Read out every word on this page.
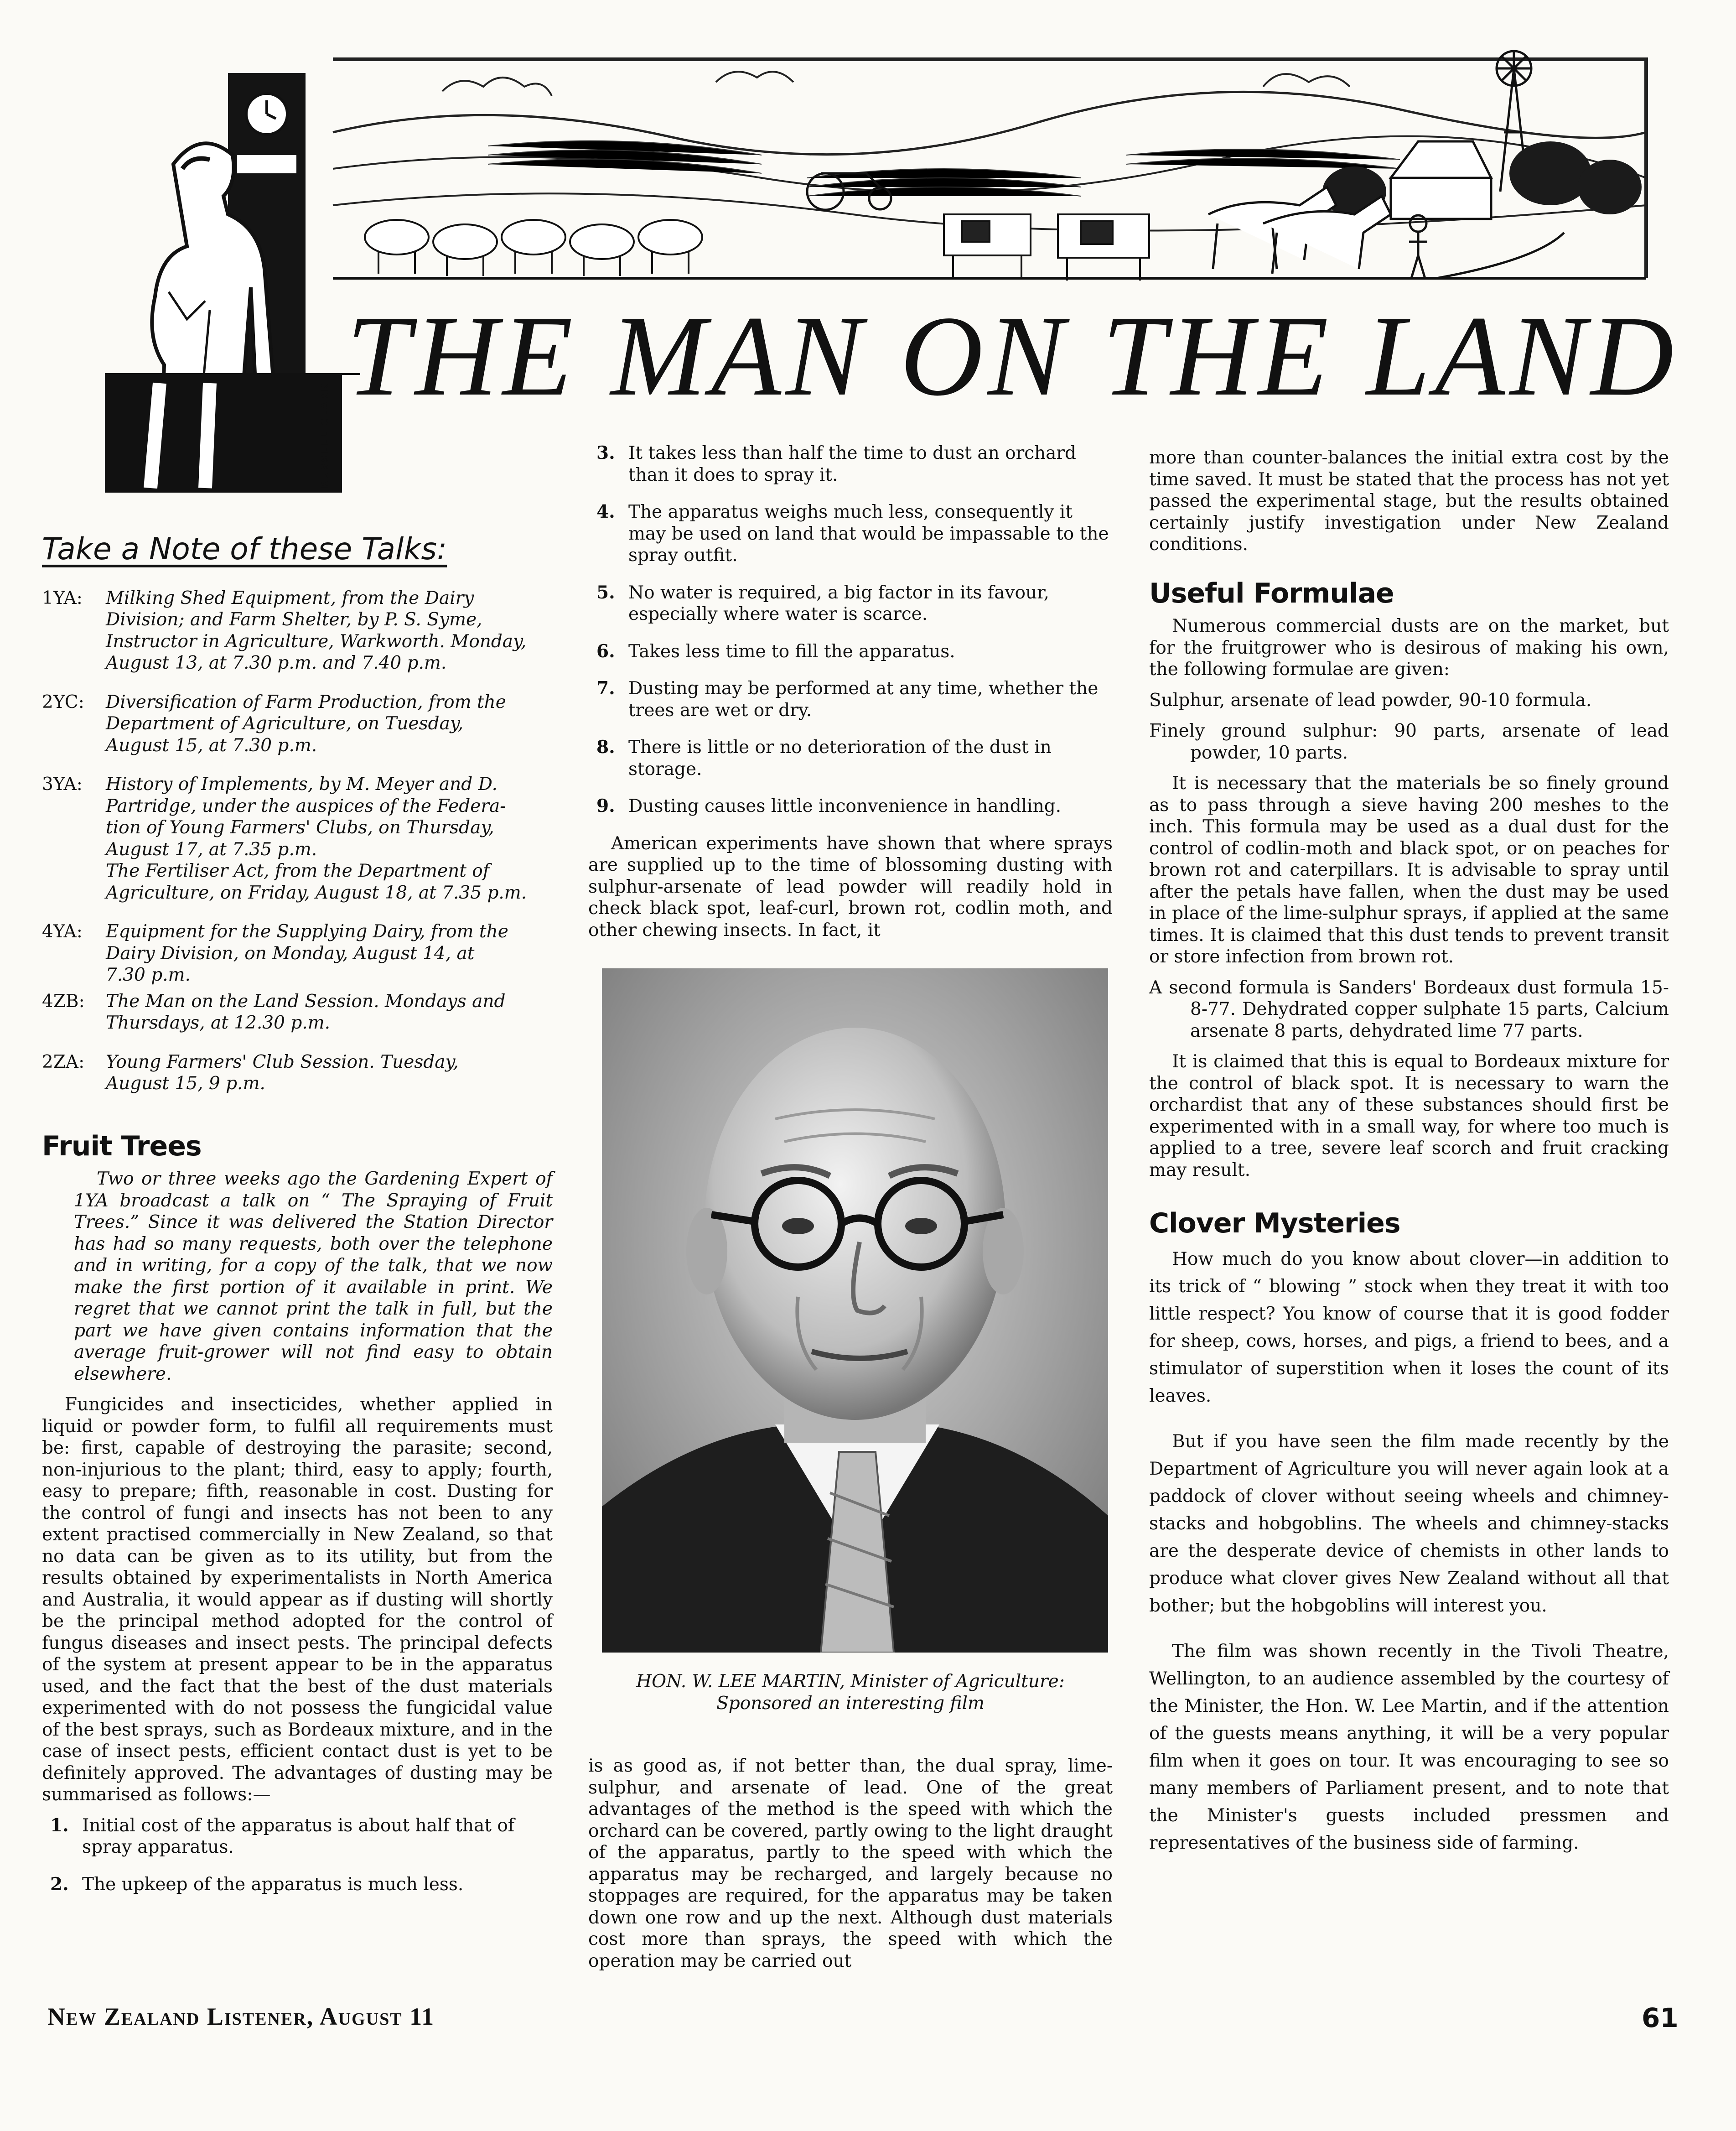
RUSSELL CLARK
THE MAN ON THE LAND
Take a Note of these Talks:
1YA:	Milking Shed Equipment, from the Dairy
Division; and Farm Shelter, by P. S. Syme,
Instructor in Agriculture, Warkworth. Monday,
August 13, at 7.30 p.m. and 7.40 p.m.
2YC:	Diversification of Farm Production, from the
Department of Agriculture, on Tuesday,
August 15, at 7.30 p.m.
3YA:	History of Implements, by M. Meyer and D.
Partridge, under the auspices of the Federa-
tion of Young Farmers' Clubs, on Thursday,
August 17, at 7.35 p.m.
The Fertiliser Act, from the Department of
Agriculture, on Friday, August 18, at 7.35 p.m.
4YA:	Equipment for the Supplying Dairy, from the
Dairy Division, on Monday, August 14, at
7.30 p.m.
4ZB:	The Man on the Land Session. Mondays and
Thursdays, at 12.30 p.m.
2ZA:	Young Farmers' Club Session. Tuesday,
August 15, 9 p.m.
Fruit Trees

Two or three weeks ago the Gardening Expert of 1YA broadcast a talk on “ The Spraying of Fruit Trees.” Since it was delivered the Station Director has had so many requests, both over the telephone and in writing, for a copy of the talk, that we now make the first portion of it available in print. We regret that we cannot print the talk in full, but the part we have given contains information that the average fruit-grower will not find easy to obtain elsewhere.

Fungicides and insecticides, whether applied in liquid or powder form, to fulfil all requirements must be: first, capable of destroying the parasite; second, non-injurious to the plant; third, easy to apply; fourth, easy to prepare; fifth, reasonable in cost. Dusting for the control of fungi and insects has not been to any extent practised commercially in New Zealand, so that no data can be given as to its utility, but from the results obtained by experimentalists in North America and Australia, it would appear as if dusting will shortly be the principal method adopted for the control of fungus diseases and insect pests. The principal defects of the system at present appear to be in the apparatus used, and the fact that the best of the dust materials experimented with do not possess the fungicidal value of the best sprays, such as Bordeaux mixture, and in the case of insect pests, efficient contact dust is yet to be definitely approved. The advantages of dusting may be summarised as follows:—

1. Initial cost of the apparatus is about half that of spray apparatus.
2. The upkeep of the apparatus is much less.
3. It takes less than half the time to dust an orchard than it does to spray it.
4. The apparatus weighs much less, consequently it may be used on land that would be impassable to the spray outfit.
5. No water is required, a big factor in its favour, especially where water is scarce.
6. Takes less time to fill the apparatus.
7. Dusting may be performed at any time, whether the trees are wet or dry.
8. There is little or no deterioration of the dust in storage.
9. Dusting causes little inconvenience in handling.

American experiments have shown that where sprays are supplied up to the time of blossoming dusting with sulphur-arsenate of lead powder will readily hold in check black spot, leaf-curl, brown rot, codlin moth, and other chewing insects. In fact, it

HON. W. LEE MARTIN, Minister of Agriculture:
Sponsored an interesting film

is as good as, if not better than, the dual spray, lime-sulphur, and arsenate of lead. One of the great advantages of the method is the speed with which the orchard can be covered, partly owing to the light draught of the apparatus, partly to the speed with which the apparatus may be recharged, and largely because no stoppages are required, for the apparatus may be taken down one row and up the next. Although dust materials cost more than sprays, the speed with which the operation may be carried out

more than counter-balances the initial extra cost by the time saved. It must be stated that the process has not yet passed the experimental stage, but the results obtained certainly justify investigation under New Zealand conditions.

Useful Formulae

Numerous commercial dusts are on the market, but for the fruitgrower who is desirous of making his own, the following formulae are given:

Sulphur, arsenate of lead powder, 90-10 formula.

Finely ground sulphur: 90 parts, arsenate of lead powder, 10 parts.

It is necessary that the materials be so finely ground as to pass through a sieve having 200 meshes to the inch. This formula may be used as a dual dust for the control of codlin-moth and black spot, or on peaches for brown rot and caterpillars. It is advisable to spray until after the petals have fallen, when the dust may be used in place of the lime-sulphur sprays, if applied at the same times. It is claimed that this dust tends to prevent transit or store infection from brown rot.

A second formula is Sanders' Bordeaux dust formula 15-8-77. Dehydrated copper sulphate 15 parts, Calcium arsenate 8 parts, dehydrated lime 77 parts.

It is claimed that this is equal to Bordeaux mixture for the control of black spot. It is necessary to warn the orchardist that any of these substances should first be experimented with in a small way, for where too much is applied to a tree, severe leaf scorch and fruit cracking may result.

Clover Mysteries

How much do you know about clover—in addition to its trick of “ blowing ” stock when they treat it with too little respect? You know of course that it is good fodder for sheep, cows, horses, and pigs, a friend to bees, and a stimulator of superstition when it loses the count of its leaves.

But if you have seen the film made recently by the Department of Agriculture you will never again look at a paddock of clover without seeing wheels and chimney-stacks and hobgoblins. The wheels and chimney-stacks are the desperate device of chemists in other lands to produce what clover gives New Zealand without all that bother; but the hobgoblins will interest you.

The film was shown recently in the Tivoli Theatre, Wellington, to an audience assembled by the courtesy of the Minister, the Hon. W. Lee Martin, and if the attention of the guests means anything, it will be a very popular film when it goes on tour. It was encouraging to see so many members of Parliament present, and to note that the Minister's guests included pressmen and representatives of the business side of farming.

New Zealand Listener, August 11	61
